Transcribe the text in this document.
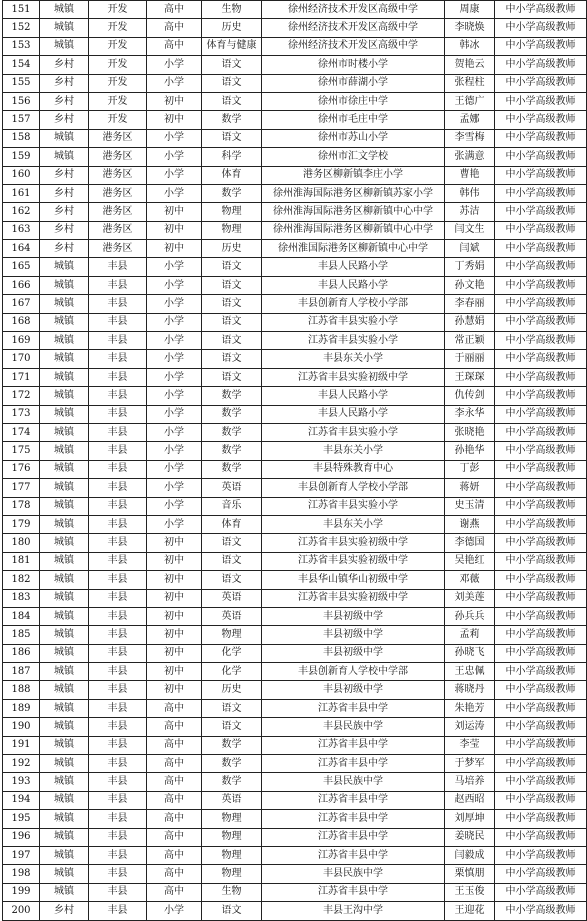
151	城镇	开发	高中	生物	徐州经济技术开发区高级中学	周康	中小学高级教师
152	城镇	开发	高中	历史	徐州经济技术开发区高级中学	李晓焕	中小学高级教师
153	城镇	开发	高中	体育与健康	徐州经济技术开发区高级中学	韩冰	中小学高级教师
154	乡村	开发	小学	语文	徐州市时楼小学	贺艳云	中小学高级教师
155	乡村	开发	小学	语文	徐州市薛湖小学	张程柱	中小学高级教师
156	乡村	开发	初中	语文	徐州市徐庄中学	王德广	中小学高级教师
157	乡村	开发	初中	数学	徐州市毛庄中学	孟娜	中小学高级教师
158	城镇	港务区	小学	语文	徐州市苏山小学	李雪梅	中小学高级教师
159	城镇	港务区	小学	科学	徐州市汇文学校	张满意	中小学高级教师
160	乡村	港务区	小学	体育	港务区柳新镇李庄小学	曹艳	中小学高级教师
161	乡村	港务区	小学	数学	徐州淮海国际港务区柳新镇苏家小学	韩伟	中小学高级教师
162	乡村	港务区	初中	物理	徐州淮海国际港务区柳新镇中心中学	苏洁	中小学高级教师
163	乡村	港务区	初中	物理	徐州淮海国际港务区柳新镇中心中学	闫文生	中小学高级教师
164	乡村	港务区	初中	历史	徐州淮国际港务区柳新镇中心中学	闫斌	中小学高级教师
165	城镇	丰县	小学	语文	丰县人民路小学	丁秀娟	中小学高级教师
166	城镇	丰县	小学	语文	丰县人民路小学	孙文艳	中小学高级教师
167	城镇	丰县	小学	语文	丰县创新育人学校小学部	李春丽	中小学高级教师
168	城镇	丰县	小学	语文	江苏省丰县实验小学	孙慧娟	中小学高级教师
169	城镇	丰县	小学	语文	江苏省丰县实验小学	常正颖	中小学高级教师
170	城镇	丰县	小学	语文	丰县东关小学	于丽丽	中小学高级教师
171	城镇	丰县	小学	语文	江苏省丰县实验初级中学	王琛琛	中小学高级教师
172	城镇	丰县	小学	数学	丰县人民路小学	仇传剑	中小学高级教师
173	城镇	丰县	小学	数学	丰县人民路小学	李永华	中小学高级教师
174	城镇	丰县	小学	数学	江苏省丰县实验小学	张晓艳	中小学高级教师
175	城镇	丰县	小学	数学	丰县东关小学	孙艳华	中小学高级教师
176	城镇	丰县	小学	数学	丰县特殊教育中心	丁彭	中小学高级教师
177	城镇	丰县	小学	英语	丰县创新育人学校小学部	蒋妍	中小学高级教师
178	城镇	丰县	小学	音乐	江苏省丰县实验小学	史玉清	中小学高级教师
179	城镇	丰县	小学	体育	丰县东关小学	谢燕	中小学高级教师
180	城镇	丰县	初中	语文	江苏省丰县实验初级中学	李德国	中小学高级教师
181	城镇	丰县	初中	语文	江苏省丰县实验初级中学	吴艳红	中小学高级教师
182	城镇	丰县	初中	语文	丰县华山镇华山初级中学	邓薇	中小学高级教师
183	城镇	丰县	初中	英语	江苏省丰县实验初级中学	刘美莲	中小学高级教师
184	城镇	丰县	初中	英语	丰县初级中学	孙兵兵	中小学高级教师
185	城镇	丰县	初中	物理	丰县初级中学	孟莉	中小学高级教师
186	城镇	丰县	初中	化学	丰县初级中学	孙晓飞	中小学高级教师
187	城镇	丰县	初中	化学	丰县创新育人学校中学部	王忠佩	中小学高级教师
188	城镇	丰县	初中	历史	丰县初级中学	蒋晓丹	中小学高级教师
189	城镇	丰县	高中	语文	江苏省丰县中学	朱艳芳	中小学高级教师
190	城镇	丰县	高中	语文	丰县民族中学	刘运涛	中小学高级教师
191	城镇	丰县	高中	数学	江苏省丰县中学	李莹	中小学高级教师
192	城镇	丰县	高中	数学	江苏省丰县中学	于梦军	中小学高级教师
193	城镇	丰县	高中	数学	丰县民族中学	马培养	中小学高级教师
194	城镇	丰县	高中	英语	江苏省丰县中学	赵西昭	中小学高级教师
195	城镇	丰县	高中	物理	江苏省丰县中学	刘厚坤	中小学高级教师
196	城镇	丰县	高中	物理	江苏省丰县中学	姜晓民	中小学高级教师
197	城镇	丰县	高中	物理	江苏省丰县中学	闫毅成	中小学高级教师
198	城镇	丰县	高中	物理	丰县民族中学	栗慎朋	中小学高级教师
199	城镇	丰县	高中	生物	江苏省丰县中学	王玉俊	中小学高级教师
200	乡村	丰县	小学	语文	丰县王沟中学	王迎花	中小学高级教师
